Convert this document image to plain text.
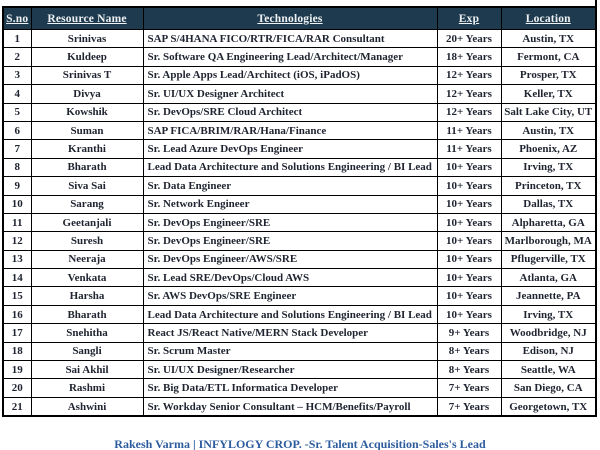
S.no	Resource Name	Technologies	Exp	Location
1	Srinivas	SAP S/4HANA FICO/RTR/FICA/RAR Consultant	20+ Years	Austin, TX
2	Kuldeep	Sr. Software QA Engineering Lead/Architect/Manager	18+ Years	Fermont, CA
3	Srinivas T	Sr. Apple Apps Lead/Architect (iOS, iPadOS)	12+ Years	Prosper, TX
4	Divya	Sr. UI/UX Designer Architect	12+ Years	Keller, TX
5	Kowshik	Sr. DevOps/SRE Cloud Architect	12+ Years	Salt Lake City, UT
6	Suman	SAP FICA/BRIM/RAR/Hana/Finance	11+ Years	Austin, TX
7	Kranthi	Sr. Lead Azure DevOps Engineer	11+ Years	Phoenix, AZ
8	Bharath	Lead Data Architecture and Solutions Engineering / BI Lead	10+ Years	Irving, TX
9	Siva Sai	Sr. Data Engineer	10+ Years	Princeton, TX
10	Sarang	Sr. Network Engineer	10+ Years	Dallas, TX
11	Geetanjali	Sr. DevOps Engineer/SRE	10+ Years	Alpharetta, GA
12	Suresh	Sr. DevOps Engineer/SRE	10+ Years	Marlborough, MA
13	Neeraja	Sr. DevOps Engineer/AWS/SRE	10+ Years	Pflugerville, TX
14	Venkata	Sr. Lead SRE/DevOps/Cloud AWS	10+ Years	Atlanta, GA
15	Harsha	Sr. AWS DevOps/SRE Engineer	10+ Years	Jeannette, PA
16	Bharath	Lead Data Architecture and Solutions Engineering / BI Lead	10+ Years	Irving, TX
17	Snehitha	React JS/React Native/MERN Stack Developer	9+ Years	Woodbridge, NJ
18	Sangli	Sr. Scrum Master	8+ Years	Edison, NJ
19	Sai Akhil	Sr. UI/UX Designer/Researcher	8+ Years	Seattle, WA
20	Rashmi	Sr. Big Data/ETL Informatica Developer	7+ Years	San Diego, CA
21	Ashwini	Sr. Workday Senior Consultant – HCM/Benefits/Payroll	7+ Years	Georgetown, TX
Rakesh Varma | INFYLOGY CROP. -Sr. Talent Acquisition-Sales's Lead
